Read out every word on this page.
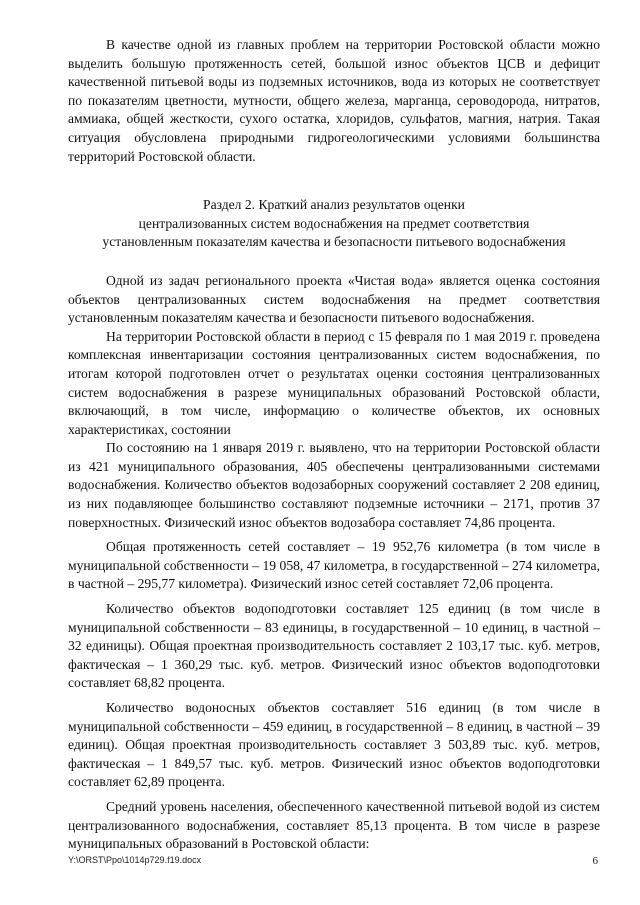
В качестве одной из главных проблем на территории Ростовской области можно выделить большую протяженность сетей, большой износ объектов ЦСВ и дефицит качественной питьевой воды из подземных источников, вода из которых не соответствует по показателям цветности, мутности, общего железа, марганца, сероводорода, нитратов, аммиака, общей жесткости, сухого остатка, хлоридов, сульфатов, магния, натрия. Такая ситуация обусловлена природными гидрогеологическими условиями большинства территорий Ростовской области.

Раздел 2. Краткий анализ результатов оценки
централизованных систем водоснабжения на предмет соответствия
установленным показателям качества и безопасности питьевого водоснабжения

Одной из задач регионального проекта «Чистая вода» является оценка состояния объектов централизованных систем водоснабжения на предмет соответствия установленным показателям качества и безопасности питьевого водоснабжения.

На территории Ростовской области в период с 15 февраля по 1 мая 2019 г. проведена комплексная инвентаризации состояния централизованных систем водоснабжения, по итогам которой подготовлен отчет о результатах оценки состояния централизованных систем водоснабжения в разрезе муниципальных образований Ростовской области, включающий, в том числе, информацию о количестве объектов, их основных характеристиках, состоянии

По состоянию на 1 января 2019 г. выявлено, что на территории Ростовской области из 421 муниципального образования, 405 обеспечены централизованными системами водоснабжения. Количество объектов водозаборных сооружений составляет 2 208 единиц, из них подавляющее большинство составляют подземные источники – 2171, против 37 поверхностных. Физический износ объектов водозабора составляет 74,86 процента.

Общая протяженность сетей составляет – 19 952,76 километра (в том числе в муниципальной собственности – 19 058, 47 километра, в государственной – 274 километра, в частной – 295,77 километра). Физический износ сетей составляет 72,06 процента.

Количество объектов водоподготовки составляет 125 единиц (в том числе в муниципальной собственности – 83 единицы, в государственной – 10 единиц, в частной – 32 единицы). Общая проектная производительность составляет 2 103,17 тыс. куб. метров, фактическая – 1 360,29 тыс. куб. метров. Физический износ объектов водоподготовки составляет 68,82 процента.

Количество водоносных объектов составляет 516 единиц (в том числе в муниципальной собственности – 459 единиц, в государственной – 8 единиц, в частной – 39 единиц). Общая проектная производительность составляет 3 503,89 тыс. куб. метров, фактическая – 1 849,57 тыс. куб. метров. Физический износ объектов водоподготовки составляет 62,89 процента.

Средний уровень населения, обеспеченного качественной питьевой водой из систем централизованного водоснабжения, составляет 85,13 процента. В том числе в разрезе муниципальных образований в Ростовской области:

Y:\ORST\Ppo\1014p729.f19.docx	6
